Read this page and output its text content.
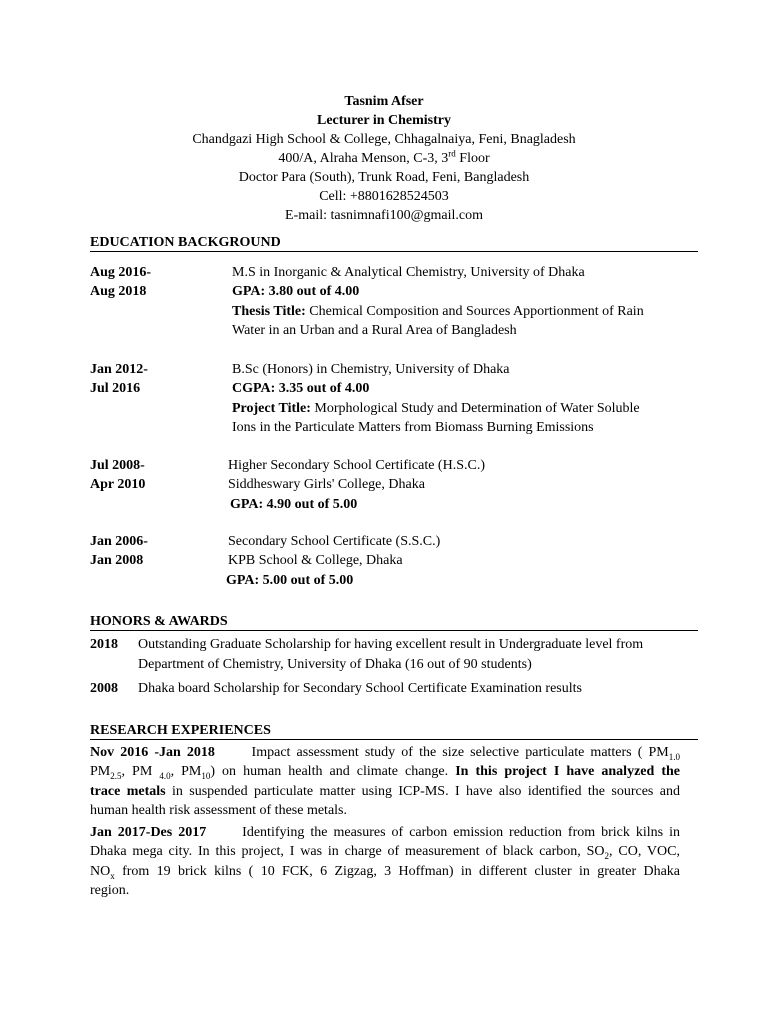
Tasnim Afser
Lecturer in Chemistry
Chandgazi High School & College, Chhagalnaiya, Feni, Bnagladesh
400/A, Alraha Menson, C-3, 3rd Floor
Doctor Para (South), Trunk Road, Feni, Bangladesh
Cell: +8801628524503
E-mail: tasnimnafi100@gmail.com
EDUCATION BACKGROUND
Aug 2016-
Aug 2018
M.S in Inorganic & Analytical Chemistry, University of Dhaka
GPA: 3.80 out of 4.00
Thesis Title: Chemical Composition and Sources Apportionment of Rain
Water in an Urban and a Rural Area of Bangladesh
Jan 2012-
Jul 2016
B.Sc (Honors) in Chemistry, University of Dhaka
CGPA: 3.35 out of 4.00
Project Title: Morphological Study and Determination of Water Soluble
Ions in the Particulate Matters from Biomass Burning Emissions
Jul 2008-
Apr 2010
Higher Secondary School Certificate (H.S.C.)
Siddheswary Girls' College, Dhaka
GPA: 4.90 out of 5.00
Jan 2006-
Jan 2008
Secondary School Certificate (S.S.C.)
KPB School & College, Dhaka
GPA: 5.00 out of 5.00
HONORS & AWARDS
2018 Outstanding Graduate Scholarship for having excellent result in Undergraduate level from
Department of Chemistry, University of Dhaka (16 out of 90 students)
2008 Dhaka board Scholarship for Secondary School Certificate Examination results
RESEARCH EXPERIENCES
Nov 2016 -Jan 2018	Impact assessment study of the size selective particulate matters ( $PM_{1.0}$
$PM_{2.5}$, PM $_{4.0}$, $PM_{10}$) on human health and climate change. In this project I have analyzed the
trace metals in suspended particulate matter using ICP-MS. I have also identified the sources and
human health risk assessment of these metals.
Jan 2017-Des 2017	Identifying the measures of carbon emission reduction from brick kilns in
Dhaka mega city. In this project, I was in charge of measurement of black carbon, $SO_2$, CO, VOC,
$NO_x$ from 19 brick kilns ( 10 FCK, 6 Zigzag, 3 Hoffman) in different cluster in greater Dhaka
region.
